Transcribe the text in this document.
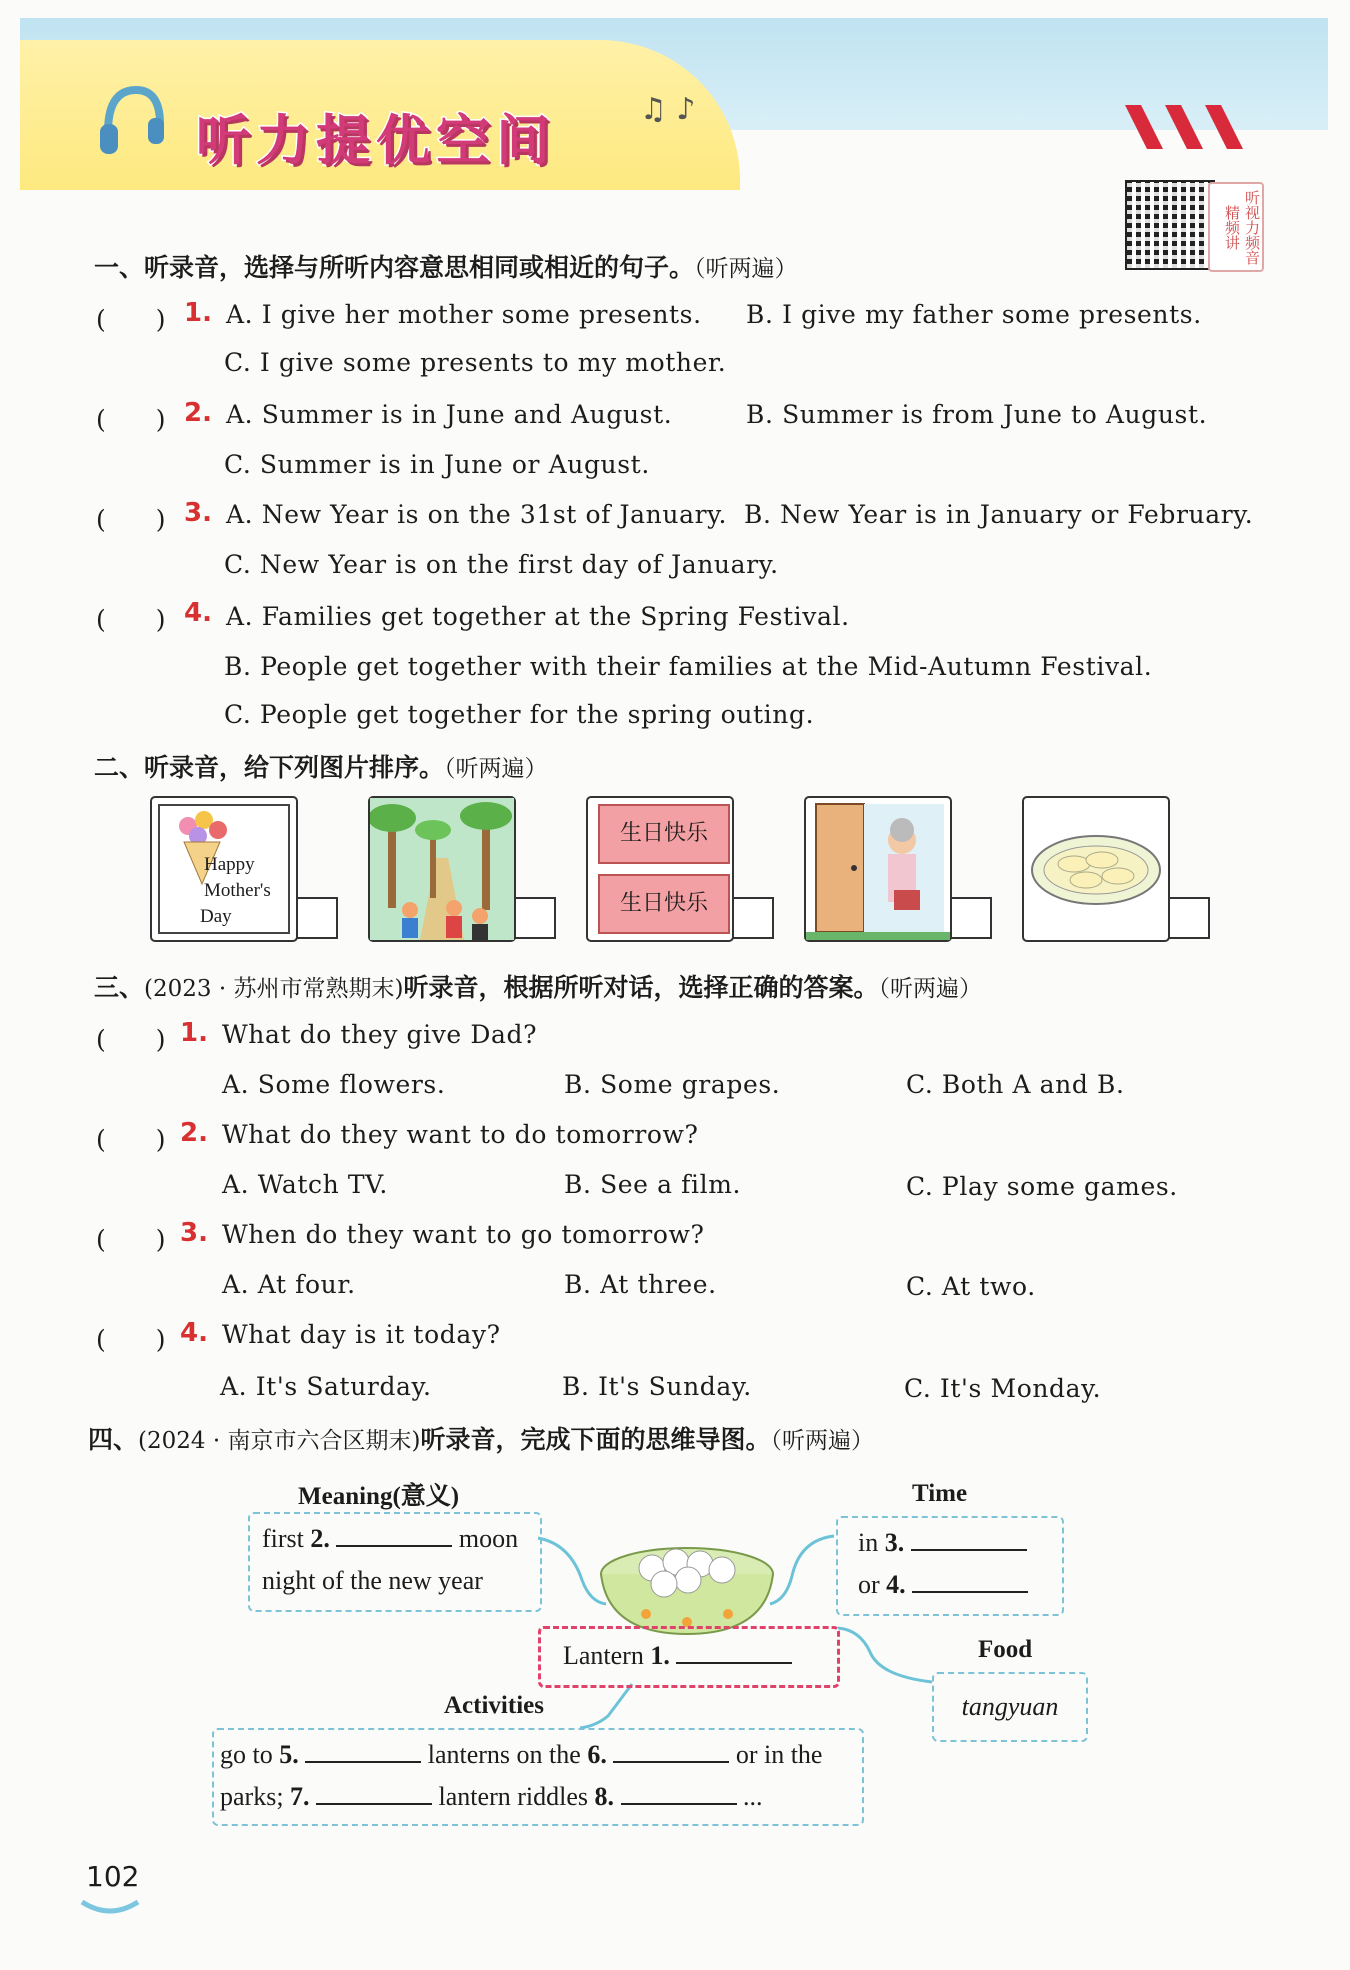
听力提优空间	♫ ♪
听视力频音精频讲
一、听录音，选择与所听内容意思相同或相近的句子。（听两遍）
(　　) 1. A. I give her mother some presents. B. I give my father some presents.
C. I give some presents to my mother.
(　　) 2. A. Summer is in June and August.	B. Summer is from June to August.
C. Summer is in June or August.
(　　) 3. A. New Year is on the 31st of January. B. New Year is in January or February.
C. New Year is on the first day of January.
(　　) 4. A. Families get together at the Spring Festival.
B. People get together with their families at the Mid-Autumn Festival.
C. People get together for the spring outing.
二、听录音，给下列图片排序。（听两遍）
Happy
Mother's
Day
生日快乐
生日快乐
三、(2023 · 苏州市常熟期末)听录音，根据所听对话，选择正确的答案。（听两遍）
(　　) 1. What do they give Dad?
A. Some flowers.	B. Some grapes.	C. Both A and B.
(　　) 2. What do they want to do tomorrow?
A. Watch TV.	B. See a film.	C. Play some games.
(　　) 3. When do they want to go tomorrow?
A. At four.	B. At three.	C. At two.
(　　) 4. What day is it today?
A. It's Saturday.	B. It's Sunday.	C. It's Monday.
四、(2024 · 南京市六合区期末)听录音，完成下面的思维导图。（听两遍）
Meaning(意义)
first 2.	moon
night of the new year
Time
in 3.
or 4.
Lantern 1.	Food
tangyuan
Activities
go to 5.	lanterns on the 6.	or in the
parks; 7.	lantern riddles 8.	...
102
